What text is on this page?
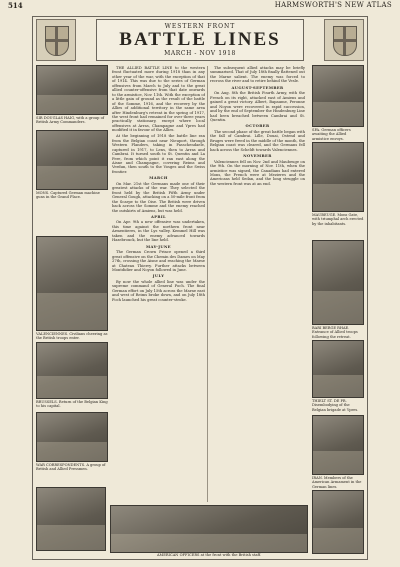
514	HARMSWORTH'S NEW ATLAS
WESTERN FRONT
BATTLE LINES
MARCH - NOV 1918
SIR DOUGLAS HAIG, with a group of British Army Commanders.
MONS. Captured German machine guns in the Grand Place.
VALENCIENNES. Civilians cheering as the British troops enter.
BRUSSELS. Return of the Belgian King to his capital.
WAR CORRESPONDENTS. A group of British and Allied Pressmen.
SPA. German officers awaiting the Allied armistice envoys.
MAUBEUGE. Mons Gate, with triumphal arch erected by the inhabitants.
BARI BERGE RHAE. Entrance of Allied troops following the retreat.
THIELT ST. DE PR. Disembodying of the Belgian brigade at Ypres.
IRAN. Members of the American Armament in the German lines.
AMERICAN OFFICERS at the front with the British staff.

THE ALLIED BATTLE LINE to the western front fluctuated more during 1918 than in any other year of the war, with the exception of that of 1914. This was due to the series of German offensives from March to July and to the great allied counter-offensive from that date onwards to the armistice, Nov. 11th. With the exception of a little gain of ground as the result of the battle of the Somme, 1916, and the recovery by the Allies of additional territory in the same area after Hindenburg's retreat in the spring of 1917, the west front had remained for over three years practically stationary, except where local offensives at Arras, Champagne and Ypres had modified it in favour of the Allies.

At the beginning of 1918 the battle line ran from the Belgian coast near Nieuport, through Western Flanders, taking in Passchendaele, captured in 1917, to Lens, then to Arras and Cambrai. It turned south to St. Quentin and La Fere, from which point it ran east along the Aisne and Champagne, covering Reims and Verdun, then south to the Vosges and the Swiss frontier.

MARCH

On Mar. 21st the Germans made one of their greatest attacks of the war. They selected the front held by the British Fifth Army under General Gough, attacking on a 50-mile front from the Scarpe to the Oise. The British were driven back across the Somme and the enemy reached the outskirts of Amiens, but was held.

APRIL

On Apr. 9th a new offensive was undertaken, this time against the northern front near Armentieres, in the Lys valley. Kemmel Hill was taken and the enemy advanced towards Hazebrouck, but the line held.

MAY-JUNE

The German Crown Prince opened a third great offensive on the Chemin des Dames on May 27th, crossing the Aisne and reaching the Marne at Chateau Thierry. Further attacks between Montdidier and Noyon followed in June.

JULY

By now the whole allied line was under the supreme command of General Foch. The final German effort on July 15th across the Marne east and west of Reims broke down, and on July 18th Foch launched his great counter-stroke.

The subsequent allied attacks may be briefly summarised. That of July 18th finally flattened out the Marne salient. The enemy was forced to recross the river and to retire behind the Vesle.

AUGUST-SEPTEMBER

On Aug. 8th the British Fourth Army, with the French on its right, attacked east of Amiens and gained a great victory. Albert, Bapaume, Peronne and Noyon were recovered in rapid succession, and by the end of September the Hindenburg Line had been breached between Cambrai and St. Quentin.

OCTOBER

The second phase of the great battle began with the fall of Cambrai. Lille, Douai, Ostend and Bruges were freed in the middle of the month, the Belgian coast was cleared, and the Germans fell back across the Scheldt towards Valenciennes.

NOVEMBER

Valenciennes fell on Nov. 2nd and Maubeuge on the 9th. On the morning of Nov. 11th, when the armistice was signed, the Canadians had entered Mons, the French were at Mezieres and the Americans held Sedan, and the long struggle on the western front was at an end.
